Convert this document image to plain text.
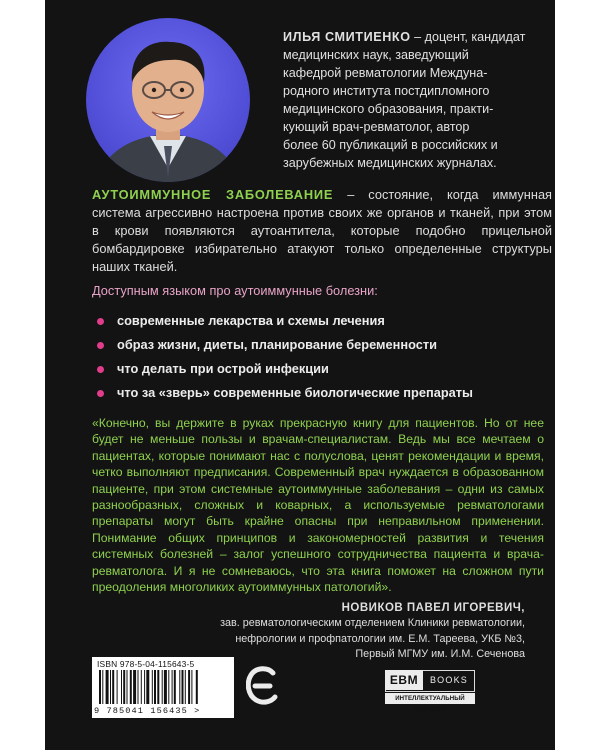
ИЛЬЯ СМИТИЕНКО – доцент, кандидат
медицинских наук, заведующий
кафедрой ревматологии Междуна-
родного института постдипломного
медицинского образования, практи-
кующий врач-ревматолог, автор
более 60 публикаций в российских и
зарубежных медицинских журналах.
АУТОИММУННОЕ ЗАБОЛЕВАНИЕ – состояние, когда иммунная система агрессивно настроена против своих же органов и тканей, при этом в крови появляются аутоантитела, которые подобно прицельной бомбардировке избирательно атакуют только определенные структуры наших тканей.
Доступным языком про аутоиммунные болезни:
современные лекарства и схемы лечения
образ жизни, диеты, планирование беременности
что делать при острой инфекции
что за «зверь» современные биологические препараты
«Конечно, вы держите в руках прекрасную книгу для пациентов. Но от нее будет не меньше пользы и врачам-специалистам. Ведь мы все мечтаем о пациентах, которые понимают нас с полуслова, ценят рекомендации и время, четко выполняют предписания. Современный врач нуждается в образованном пациенте, при этом системные аутоиммунные заболевания – одни из самых разнообразных, сложных и коварных, а используемые ревматологами препараты могут быть крайне опасны при неправильном применении. Понимание общих принципов и закономерностей развития и течения системных болезней – залог успешного сотрудничества пациента и врача-ревматолога. И я не сомневаюсь, что эта книга поможет на сложном пути преодоления многоликих аутоиммунных патологий».
НОВИКОВ ПАВЕЛ ИГОРЕВИЧ,
зав. ревматологическим отделением Клиники ревматологии,
нефрологии и профпатологии им. Е.М. Тареева, УКБ №3,
Первый МГМУ им. И.М. Сеченова
ISBN 978-5-04-115643-5
9 785041 156435 >
EBM	BOOKS
ИНТЕЛЛЕКТУАЛЬНЫЙ НАУЧПОП
